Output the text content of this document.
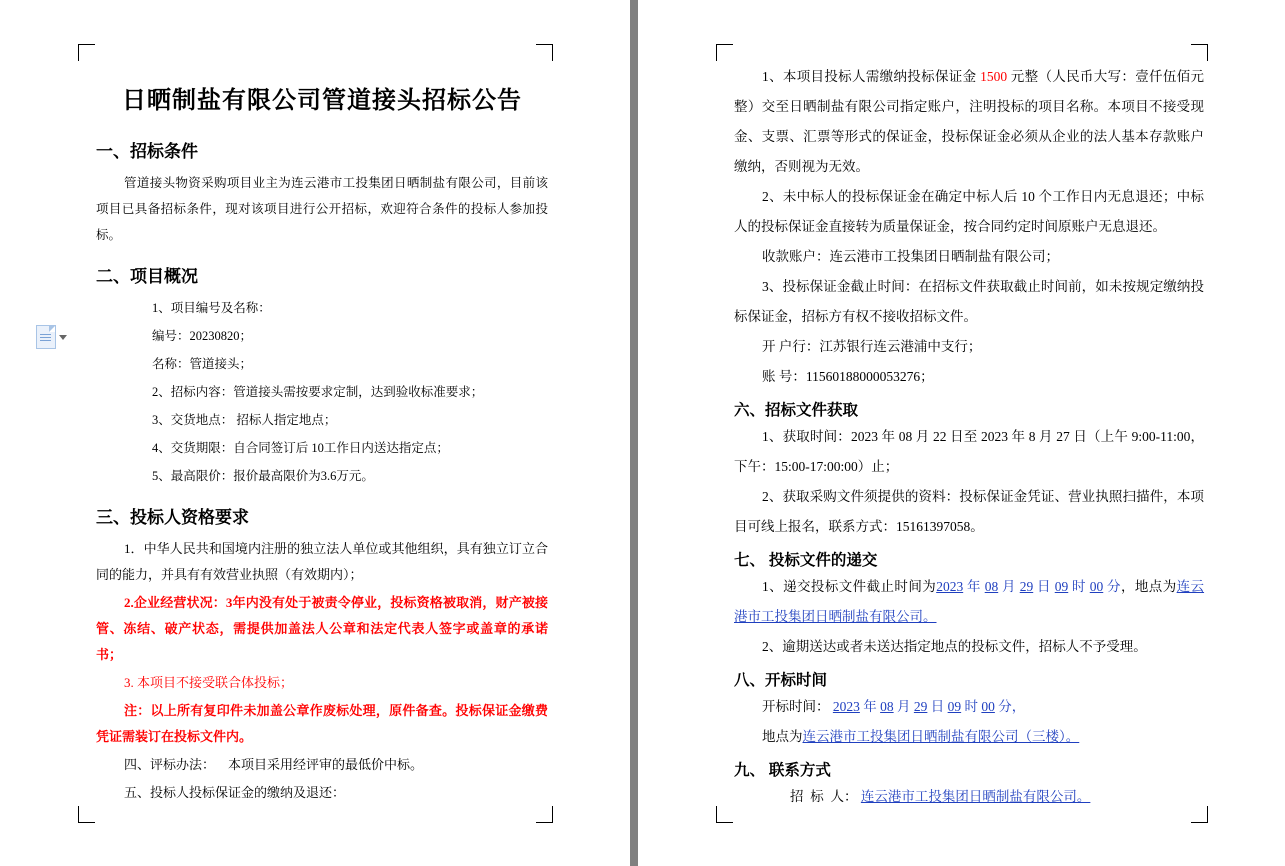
日晒制盐有限公司管道接头招标公告
一、招标条件

管道接头物资采购项目业主为连云港市工投集团日晒制盐有限公司，目前该项目已具备招标条件，现对该项目进行公开招标，欢迎符合条件的投标人参加投标。

二、项目概况

1、项目编号及名称：

编号：20230820；

名称：管道接头；

2、招标内容：管道接头需按要求定制，达到验收标准要求；

3、交货地点： 招标人指定地点；

4、交货期限：自合同签订后 10工作日内送达指定点；

5、最高限价：报价最高限价为3.6万元。

三、投标人资格要求

1．中华人民共和国境内注册的独立法人单位或其他组织，具有独立订立合同的能力，并具有有效营业执照（有效期内）；

2.企业经营状况：3年内没有处于被责令停业，投标资格被取消，财产被接管、冻结、破产状态，需提供加盖法人公章和法定代表人签字或盖章的承诺书；

3. 本项目不接受联合体投标；

注：以上所有复印件未加盖公章作废标处理，原件备查。投标保证金缴费凭证需装订在投标文件内。

四、评标办法： 本项目采用经评审的最低价中标。

五、投标人投标保证金的缴纳及退还：

1、本项目投标人需缴纳投标保证金 1500 元整（人民币大写：壹仟伍佰元整）交至日晒制盐有限公司指定账户，注明投标的项目名称。本项目不接受现金、支票、汇票等形式的保证金，投标保证金必须从企业的法人基本存款账户缴纳，否则视为无效。

2、未中标人的投标保证金在确定中标人后 10 个工作日内无息退还；中标人的投标保证金直接转为质量保证金，按合同约定时间原账户无息退还。

收款账户：连云港市工投集团日晒制盐有限公司；

3、投标保证金截止时间：在招标文件获取截止时间前，如未按规定缴纳投标保证金，招标方有权不接收招标文件。

开 户行：江苏银行连云港浦中支行；

账 号：11560188000053276；

六、招标文件获取

1、获取时间：2023 年 08 月 22 日至 2023 年 8 月 27 日（上午 9:00-11:00，下午：15:00-17:00:00）止；

2、获取采购文件须提供的资料：投标保证金凭证、营业执照扫描件，本项目可线上报名，联系方式：15161397058。

七、 投标文件的递交

1、递交投标文件截止时间为2023 年 08 月 29 日 09 时 00 分，地点为连云港市工投集团日晒制盐有限公司。

2、逾期送达或者未送达指定地点的投标文件，招标人不予受理。

八、开标时间

开标时间： 2023 年 08 月 29 日 09 时 00 分，

地点为连云港市工投集团日晒制盐有限公司（三楼）。

九、 联系方式

招  标  人： 连云港市工投集团日晒制盐有限公司。
